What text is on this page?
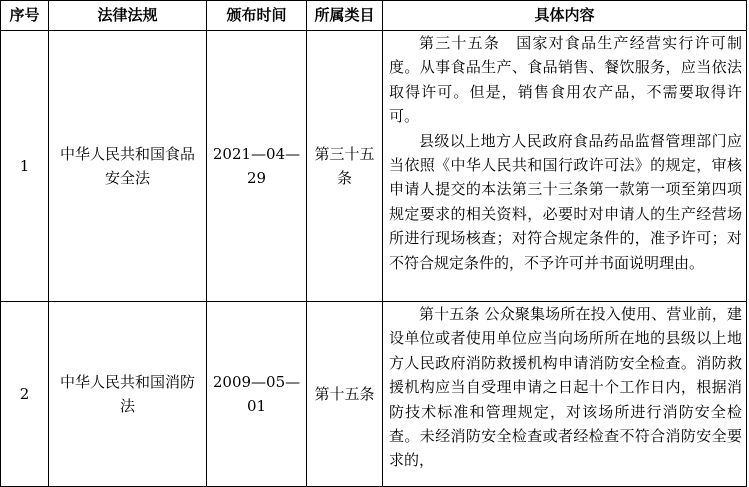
序号	法律法规	颁布时间	所属类目	具体内容
1	中华人民共和国食品安全法	2021—04—29	第三十五条	第三十五条　国家对食品生产经营实行许可制度。从事食品生产、食品销售、餐饮服务，应当依法取得许可。但是，销售食用农产品，不需要取得许可。
县级以上地方人民政府食品药品监督管理部门应当依照《中华人民共和国行政许可法》的规定，审核申请人提交的本法第三十三条第一款第一项至第四项规定要求的相关资料，必要时对申请人的生产经营场所进行现场核查；对符合规定条件的，准予许可；对不符合规定条件的，不予许可并书面说明理由。

2	中华人民共和国消防法	2009—05—01	第十五条	第十五条 公众聚集场所在投入使用、营业前，建设单位或者使用单位应当向场所所在地的县级以上地方人民政府消防救援机构申请消防安全检查。消防救援机构应当自受理申请之日起十个工作日内，根据消防技术标准和管理规定，对该场所进行消防安全检查。未经消防安全检查或者经检查不符合消防安全要求的，
